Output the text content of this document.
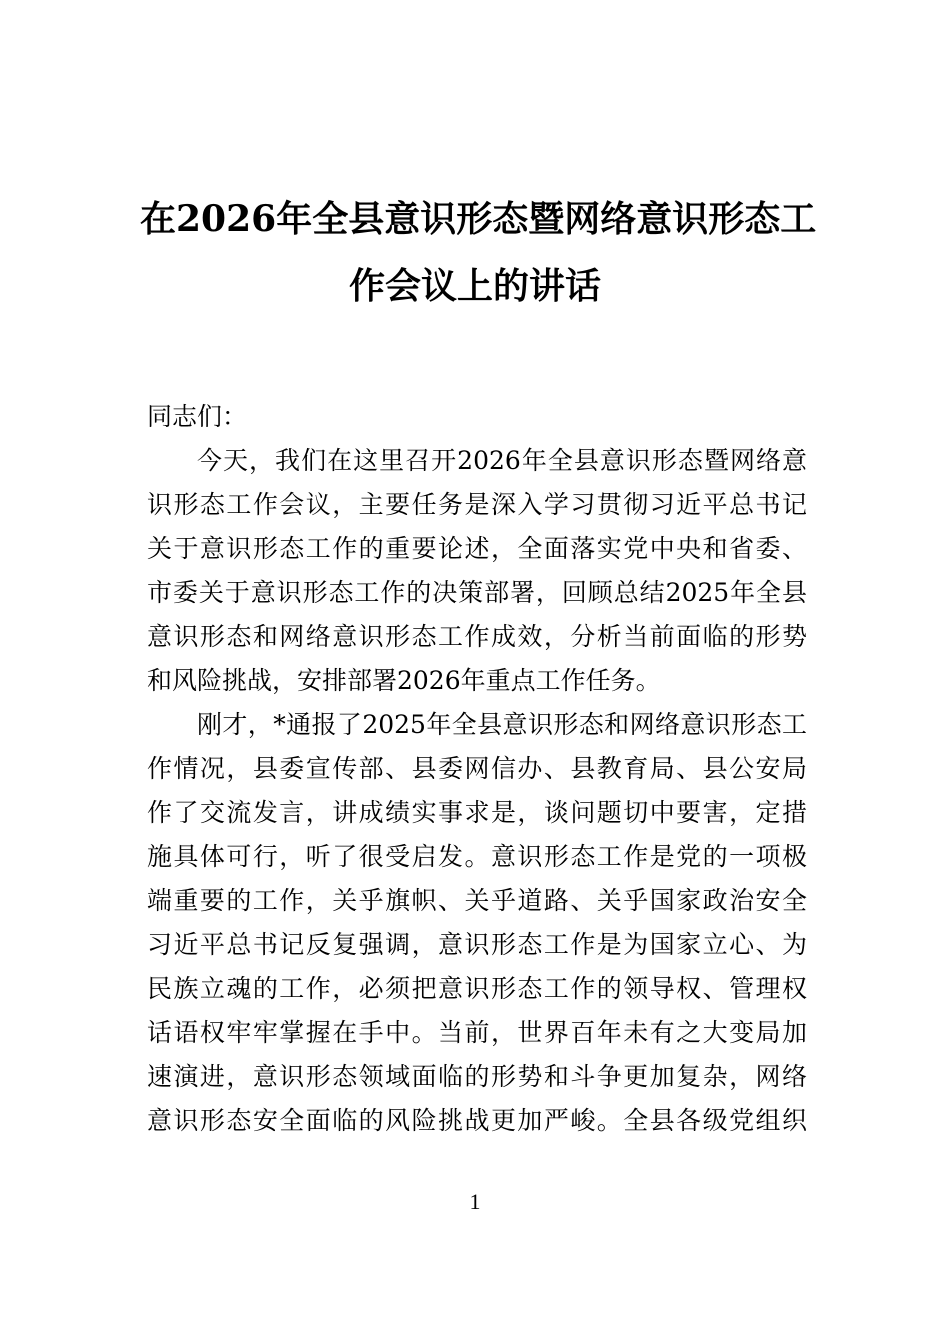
在2026年全县意识形态暨网络意识形态工
作会议上的讲话
同志们：
今天，我们在这里召开2026年全县意识形态暨网络意
识形态工作会议，主要任务是深入学习贯彻习近平总书记
关于意识形态工作的重要论述，全面落实党中央和省委、
市委关于意识形态工作的决策部署，回顾总结2025年全县
意识形态和网络意识形态工作成效，分析当前面临的形势
和风险挑战，安排部署2026年重点工作任务。
刚才，*通报了2025年全县意识形态和网络意识形态工
作情况，县委宣传部、县委网信办、县教育局、县公安局
作了交流发言，讲成绩实事求是，谈问题切中要害，定措
施具体可行，听了很受启发。意识形态工作是党的一项极
端重要的工作，关乎旗帜、关乎道路、关乎国家政治安全
习近平总书记反复强调，意识形态工作是为国家立心、为
民族立魂的工作，必须把意识形态工作的领导权、管理权
话语权牢牢掌握在手中。当前，世界百年未有之大变局加
速演进，意识形态领域面临的形势和斗争更加复杂，网络
意识形态安全面临的风险挑战更加严峻。全县各级党组织
1
